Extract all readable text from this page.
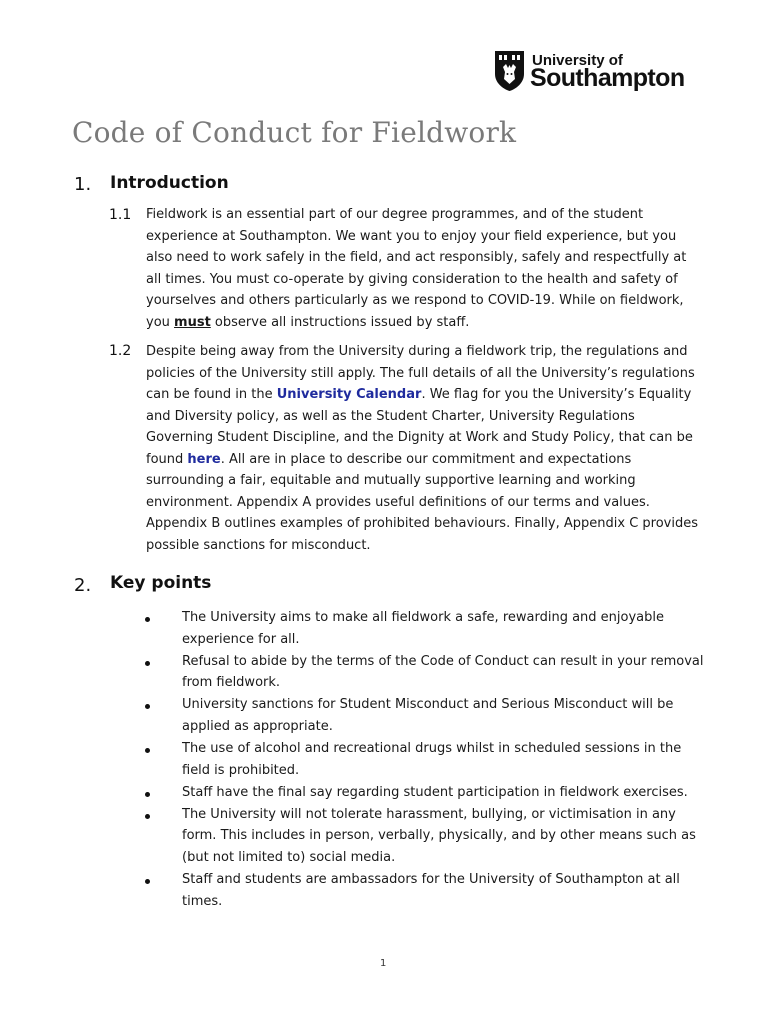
University of
Southampton
Code of Conduct for Fieldwork
1. Introduction
1.1 Fieldwork is an essential part of our degree programmes, and of the student experience at Southampton. We want you to enjoy your field experience, but you also need to work safely in the field, and act responsibly, safely and respectfully at all times. You must co-operate by giving consideration to the health and safety of yourselves and others particularly as we respond to COVID-19. While on fieldwork, you must observe all instructions issued by staff.
1.2 Despite being away from the University during a fieldwork trip, the regulations and policies of the University still apply. The full details of all the University’s regulations can be found in the University Calendar. We flag for you the University’s Equality and Diversity policy, as well as the Student Charter, University Regulations Governing Student Discipline, and the Dignity at Work and Study Policy, that can be found here. All are in place to describe our commitment and expectations surrounding a fair, equitable and mutually supportive learning and working environment. Appendix A provides useful definitions of our terms and values. Appendix B outlines examples of prohibited behaviours. Finally, Appendix C provides possible sanctions for misconduct.
2. Key points
The University aims to make all fieldwork a safe, rewarding and enjoyable experience for all.
Refusal to abide by the terms of the Code of Conduct can result in your removal from fieldwork.
University sanctions for Student Misconduct and Serious Misconduct will be applied as appropriate.
The use of alcohol and recreational drugs whilst in scheduled sessions in the field is prohibited.
Staff have the final say regarding student participation in fieldwork exercises.
The University will not tolerate harassment, bullying, or victimisation in any form. This includes in person, verbally, physically, and by other means such as (but not limited to) social media.
Staff and students are ambassadors for the University of Southampton at all times.
1
